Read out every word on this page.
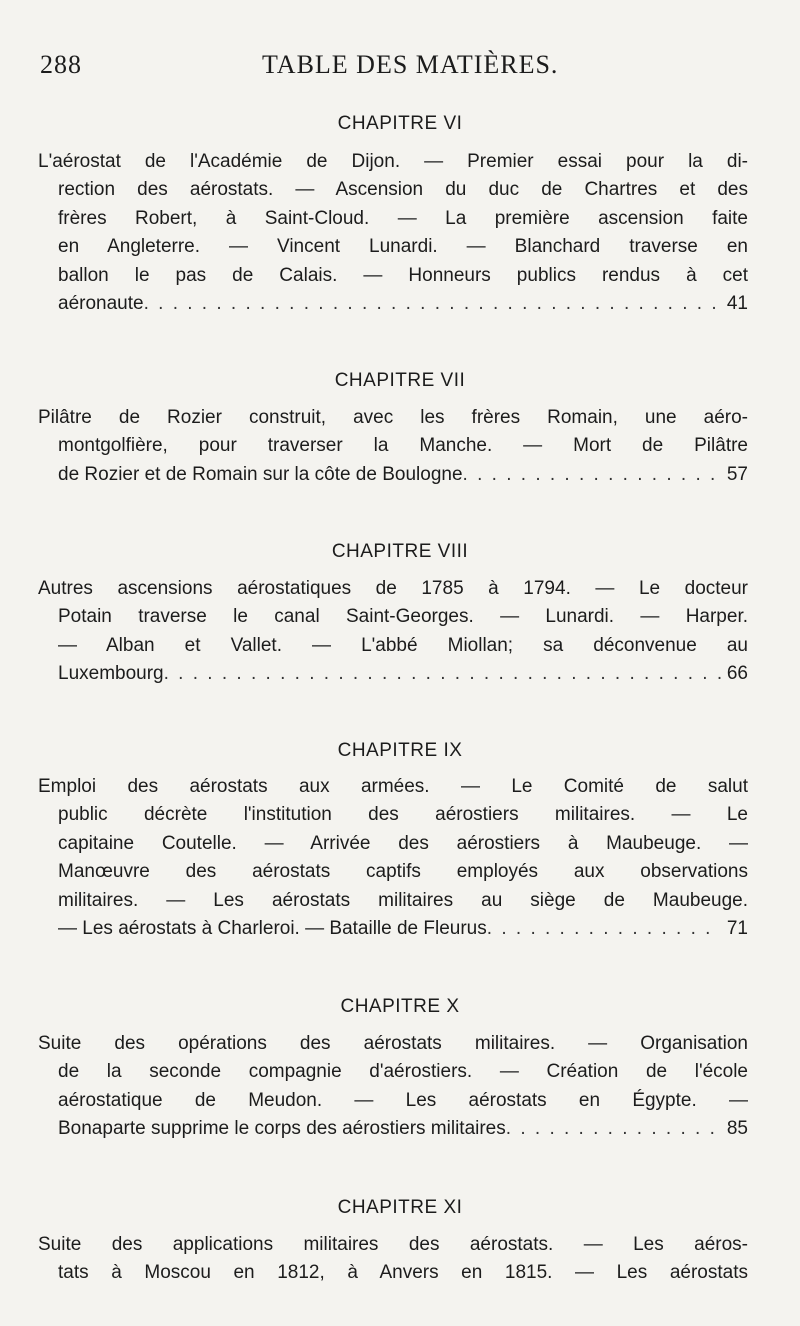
288	TABLE DES MATIÈRES.
CHAPITRE VI
L'aérostat de l'Académie de Dijon. — Premier essai pour la di-
rection des aérostats. — Ascension du duc de Chartres et des
frères Robert, à Saint-Cloud. — La première ascension faite
en Angleterre. — Vincent Lunardi. — Blanchard traverse en
ballon le pas de Calais. — Honneurs publics rendus à cet
aéronaute . . .	41
CHAPITRE VII
Pilâtre de Rozier construit, avec les frères Romain, une aéro-
montgolfière, pour traverser la Manche. — Mort de Pilâtre
de Rozier et de Romain sur la côte de Boulogne . . .	57
CHAPITRE VIII
Autres ascensions aérostatiques de 1785 à 1794. — Le docteur
Potain traverse le canal Saint-Georges. — Lunardi. — Harper.
— Alban et Vallet. — L'abbé Miollan; sa déconvenue au
Luxembourg . . .	66
CHAPITRE IX
Emploi des aérostats aux armées. — Le Comité de salut
public décrète l'institution des aérostiers militaires. — Le
capitaine Coutelle. — Arrivée des aérostiers à Maubeuge. —
Manœuvre des aérostats captifs employés aux observations
militaires. — Les aérostats militaires au siège de Maubeuge.
— Les aérostats à Charleroi. — Bataille de Fleurus . . .	71
CHAPITRE X
Suite des opérations des aérostats militaires. — Organisation
de la seconde compagnie d'aérostiers. — Création de l'école
aérostatique de Meudon. — Les aérostats en Égypte. —
Bonaparte supprime le corps des aérostiers militaires . . .	85
CHAPITRE XI
Suite des applications militaires des aérostats. — Les aéros-
tats à Moscou en 1812, à Anvers en 1815. — Les aérostats
